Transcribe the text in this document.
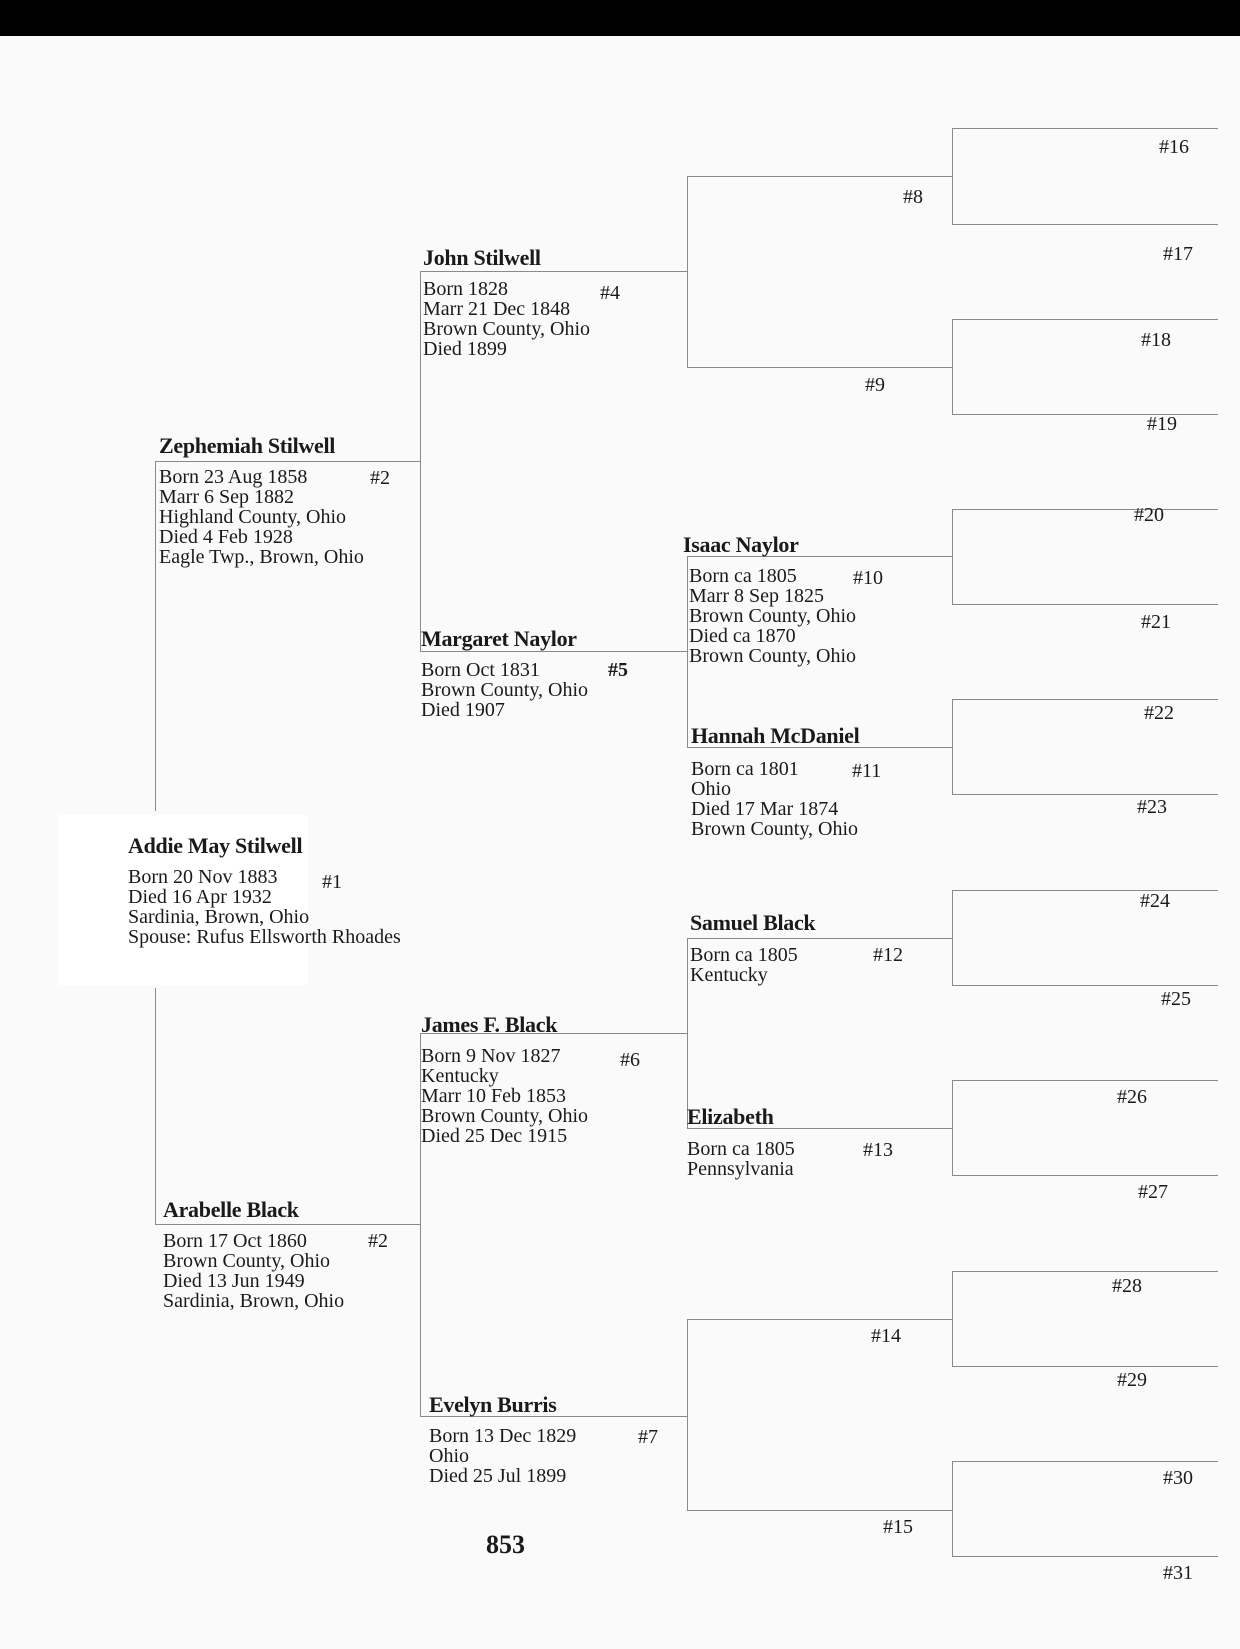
Addie May Stilwell
Born 20 Nov 1883
Died 16 Apr 1932
Sardinia, Brown, Ohio
Spouse: Rufus Ellsworth Rhoades
#1
Zephemiah Stilwell
Born 23 Aug 1858
Marr 6 Sep 1882
Highland County, Ohio
Died 4 Feb 1928
Eagle Twp., Brown, Ohio
#2
Arabelle Black
Born 17 Oct 1860
Brown County, Ohio
Died 13 Jun 1949
Sardinia, Brown, Ohio
#2
John Stilwell
Born 1828
Marr 21 Dec 1848
Brown County, Ohio
Died 1899
#4
Margaret Naylor
Born Oct 1831
Brown County, Ohio
Died 1907
#5
James F. Black
Born 9 Nov 1827
Kentucky
Marr 10 Feb 1853
Brown County, Ohio
Died 25 Dec 1915
#6
Evelyn Burris
Born 13 Dec 1829
Ohio
Died 25 Jul 1899
#7
Isaac Naylor
Born ca 1805
Marr 8 Sep 1825
Brown County, Ohio
Died ca 1870
Brown County, Ohio
#10
Hannah McDaniel
Born ca 1801
Ohio
Died 17 Mar 1874
Brown County, Ohio
#11
Samuel Black
Born ca 1805
Kentucky
#12
Elizabeth
Born ca 1805
Pennsylvania
#13
#8
#9
#14
#15
#16
#17
#18
#19
#20
#21
#22
#23
#24
#25
#26
#27
#28
#29
#30
#31
853
